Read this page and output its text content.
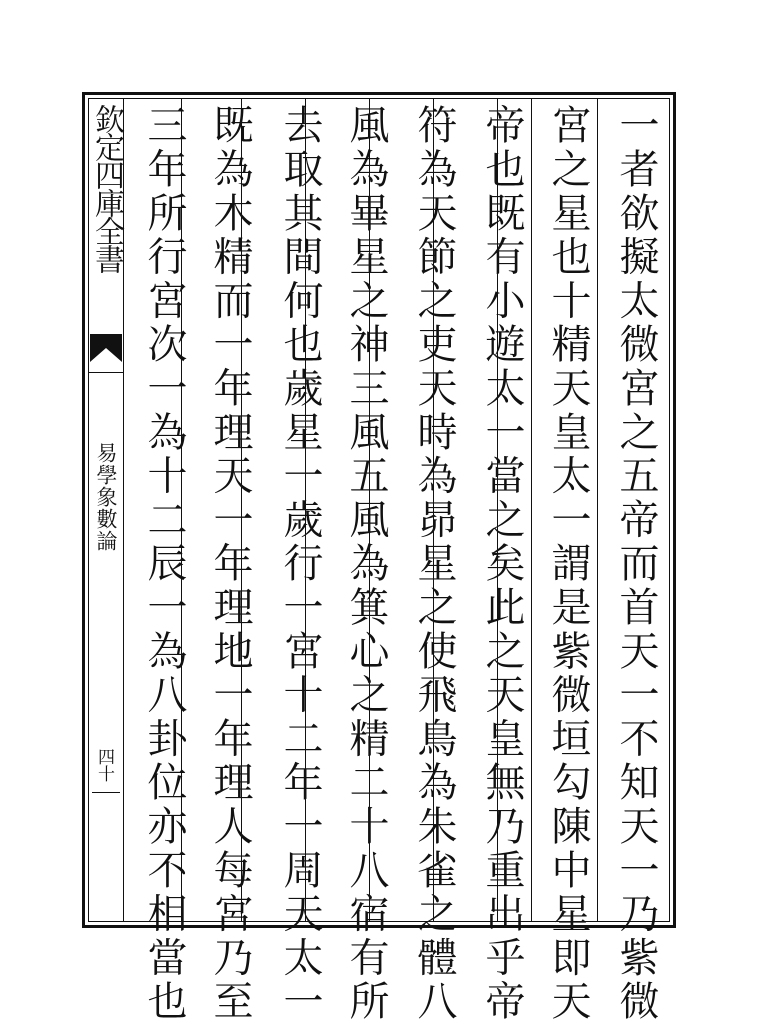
欽定四庫全書
易學象數論
四十	一者欲擬太微宮之五帝而首天一不知天一乃紫微
宮之星也十精天皇太一謂是紫微垣勾陳中星即天
帝也既有小遊太一當之矣此之天皇無乃重出乎帝
符為天節之吏天時為昴星之使飛鳥為朱雀之體八
風為畢星之神三風五風為箕心之精二十八宿有所
去取其間何也歲星一歲行一宮十二年一周天太一
既為木精而一年理天一年理地一年理人每宮乃至
三年所行宮次一為十二辰一為八卦位亦不相當也
